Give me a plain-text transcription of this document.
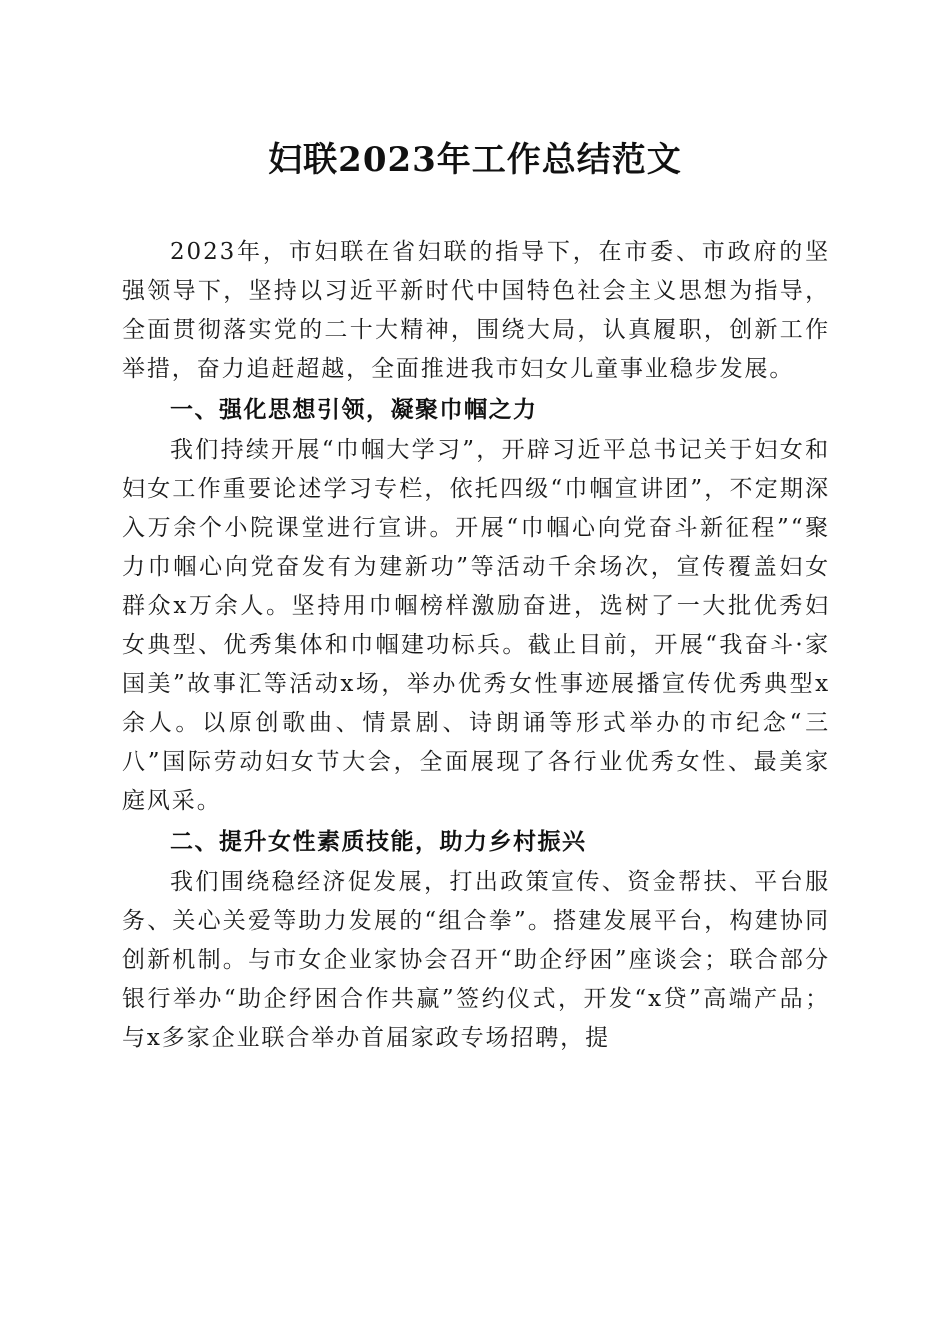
妇联2023年工作总结范文

2023年，市妇联在省妇联的指导下，在市委、市政府的坚强领导下，坚持以习近平新时代中国特色社会主义思想为指导，全面贯彻落实党的二十大精神，围绕大局，认真履职，创新工作举措，奋力追赶超越，全面推进我市妇女儿童事业稳步发展。

一、强化思想引领，凝聚巾帼之力

我们持续开展“巾帼大学习”，开辟习近平总书记关于妇女和妇女工作重要论述学习专栏，依托四级“巾帼宣讲团”，不定期深入万余个小院课堂进行宣讲。开展“巾帼心向党奋斗新征程”“聚力巾帼心向党奋发有为建新功”等活动千余场次，宣传覆盖妇女群众x万余人。坚持用巾帼榜样激励奋进，选树了一大批优秀妇女典型、优秀集体和巾帼建功标兵。截止目前，开展“我奋斗·家国美”故事汇等活动x场，举办优秀女性事迹展播宣传优秀典型x余人。以原创歌曲、情景剧、诗朗诵等形式举办的市纪念“三八”国际劳动妇女节大会，全面展现了各行业优秀女性、最美家庭风采。

二、提升女性素质技能，助力乡村振兴

我们围绕稳经济促发展，打出政策宣传、资金帮扶、平台服务、关心关爱等助力发展的“组合拳”。搭建发展平台，构建协同创新机制。与市女企业家协会召开“助企纾困”座谈会；联合部分银行举办“助企纾困合作共赢”签约仪式，开发“x贷”高端产品；与x多家企业联合举办首届家政专场招聘，提
